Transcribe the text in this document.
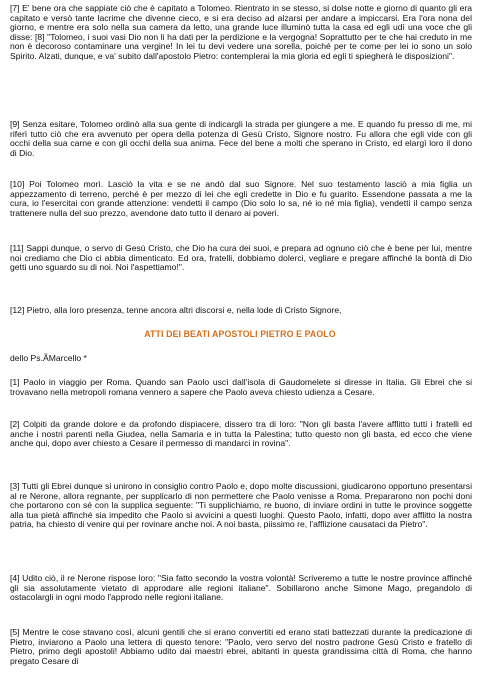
[7] E' bene ora che sappiate ciò che è capitato a Tolomeo. Rientrato in se stesso, si dolse notte e giorno di quanto gli era capitato e versò tante lacrime che divenne cieco, e si era deciso ad alzarsi per andare a impiccarsi. Era l'ora nona del giorno, e mentre era solo nella sua camera da letto, una grande luce illuminò tutta la casa ed egli udì una voce che gli disse: [8] "Tolomeo, i suoi vasi Dio non li ha dati per la perdizione e la vergogna! Soprattutto per te che hai creduto in me non è decoroso contaminare una vergine! In lei tu devi vedere una sorella, poiché per te come per lei io sono un solo Spirito. Alzati, dunque, e va' subito dall'apostolo Pietro: contemplerai la mia gloria ed egli ti spiegherà le disposizioni".

[9] Senza esitare, Tolomeo ordinò alla sua gente di indicargli la strada per giungere a me. E quando fu presso di me, mi riferì tutto ciò che era avvenuto per opera della potenza di Gesù Cristo, Signore nostro. Fu allora che egli vide con gli occhi della sua carne e con gli occhi della sua anima. Fece del bene a molti che sperano in Cristo, ed elargì loro il dono di Dio.

[10] Poi Tolomeo morì. Lasciò la vita e se ne andò dal suo Signore. Nel suo testamento lasciò a mia figlia un appezzamento di terreno, perché è per mezzo di lei che egli credette in Dio e fu guarito. Essendone passata a me la cura, io l'esercitai con grande attenzione: vendetti il campo (Dio solo lo sa, né io né mia figlia), vendetti il campo senza trattenere nulla del suo prezzo, avendone dato tutto il denaro ai poveri.

[11] Sappi dunque, o servo di Gesù Cristo, che Dio ha cura dei suoi, e prepara ad ognuno ciò che è bene per lui, mentre noi crediamo che Dio ci abbia dimenticato. Ed ora, fratelli, dobbiamo dolerci, vegliare e pregare affinché la bontà di Dio getti uno sguardo su di noi. Noi l'aspettiamo!".

[12] Pietro, alla loro presenza, tenne ancora altri discorsi e, nella lode di Cristo Signore,

ATTI DEI BEATI APOSTOLI PIETRO E PAOLO

dello Ps.ÃMarcello *

[1] Paolo in viaggio per Roma. Quando san Paolo uscì dall'isola di Gaudomelete si diresse in Italia. Gli Ebrei che si trovavano nella metropoli romana vennero a sapere che Paolo aveva chiesto udienza a Cesare.

[2] Colpiti da grande dolore e da profondo dispiacere, dissero tra di loro: "Non gli basta l'avere afflitto tutti i fratelli ed anche i nostri parenti nella Giudea, nella Samaria e in tutta la Palestina; tutto questo non gli basta, ed ecco che viene anche qui, dopo aver chiesto a Cesare il permesso di mandarci in rovina".

[3] Tutti gli Ebrei dunque si unirono in consiglio contro Paolo e, dopo molte discussioni, giudicarono opportuno presentarsi al re Nerone, allora regnante, per supplicarlo di non permettere che Paolo venisse a Roma. Prepararono non pochi doni che portarono con sé con la supplica seguente: "Ti supplichiamo, re buono, di inviare ordini in tutte le province soggette alla tua pietà affinché sia impedito che Paolo si avvicini a questi luoghi. Questo Paolo, infatti, dopo aver afflitto la nostra patria, ha chiesto di venire qui per rovinare anche noi. A noi basta, piissimo re, l'afflizione causataci da Pietro".

[4] Udito ciò, il re Nerone rispose loro: "Sia fatto secondo la vostra volontà! Scriveremo a tutte le nostre province affinché gli sia assolutamente vietato di approdare alle regioni italiane". Sobillarono anche Simone Mago, pregandolo di ostacolargli in ogni modo l'approdo nelle regioni italiane.

[5] Mentre le cose stavano così, alcuni gentili che si erano convertiti ed erano stati battezzati durante la predicazione di Pietro, inviarono a Paolo una lettera di questo tenore: "Paolo, vero servo del nostro padrone Gesù Cristo e fratello di Pietro, primo degli apostoli! Abbiamo udito dai maestri ebrei, abitanti in questa grandissima città di Roma, che hanno pregato Cesare di
